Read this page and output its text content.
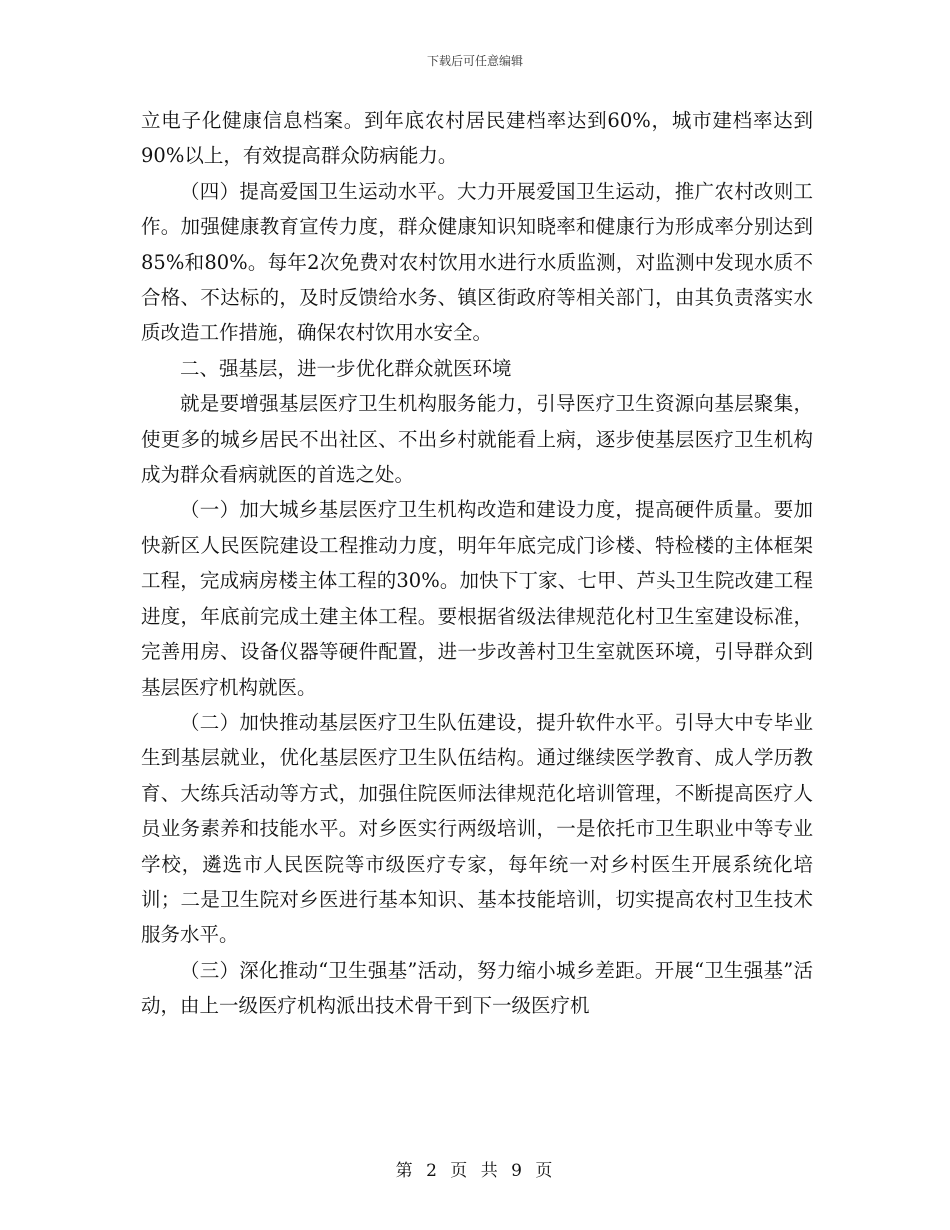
下载后可任意编辑

立电子化健康信息档案。到年底农村居民建档率达到60%，城市建档率达到90%以上，有效提高群众防病能力。

（四）提高爱国卫生运动水平。大力开展爱国卫生运动，推广农村改则工作。加强健康教育宣传力度，群众健康知识知晓率和健康行为形成率分别达到85%和80%。每年2次免费对农村饮用水进行水质监测，对监测中发现水质不合格、不达标的，及时反馈给水务、镇区街政府等相关部门，由其负责落实水质改造工作措施，确保农村饮用水安全。

二、强基层，进一步优化群众就医环境

就是要增强基层医疗卫生机构服务能力，引导医疗卫生资源向基层聚集，使更多的城乡居民不出社区、不出乡村就能看上病，逐步使基层医疗卫生机构成为群众看病就医的首选之处。

（一）加大城乡基层医疗卫生机构改造和建设力度，提高硬件质量。要加快新区人民医院建设工程推动力度，明年年底完成门诊楼、特检楼的主体框架工程，完成病房楼主体工程的30%。加快下丁家、七甲、芦头卫生院改建工程进度，年底前完成土建主体工程。要根据省级法律规范化村卫生室建设标准，完善用房、设备仪器等硬件配置，进一步改善村卫生室就医环境，引导群众到基层医疗机构就医。

（二）加快推动基层医疗卫生队伍建设，提升软件水平。引导大中专毕业生到基层就业，优化基层医疗卫生队伍结构。通过继续医学教育、成人学历教育、大练兵活动等方式，加强住院医师法律规范化培训管理，不断提高医疗人员业务素养和技能水平。对乡医实行两级培训，一是依托市卫生职业中等专业学校，遴选市人民医院等市级医疗专家，每年统一对乡村医生开展系统化培训；二是卫生院对乡医进行基本知识、基本技能培训，切实提高农村卫生技术服务水平。

（三）深化推动“卫生强基”活动，努力缩小城乡差距。开展“卫生强基”活动，由上一级医疗机构派出技术骨干到下一级医疗机

第 2 页 共 9 页
